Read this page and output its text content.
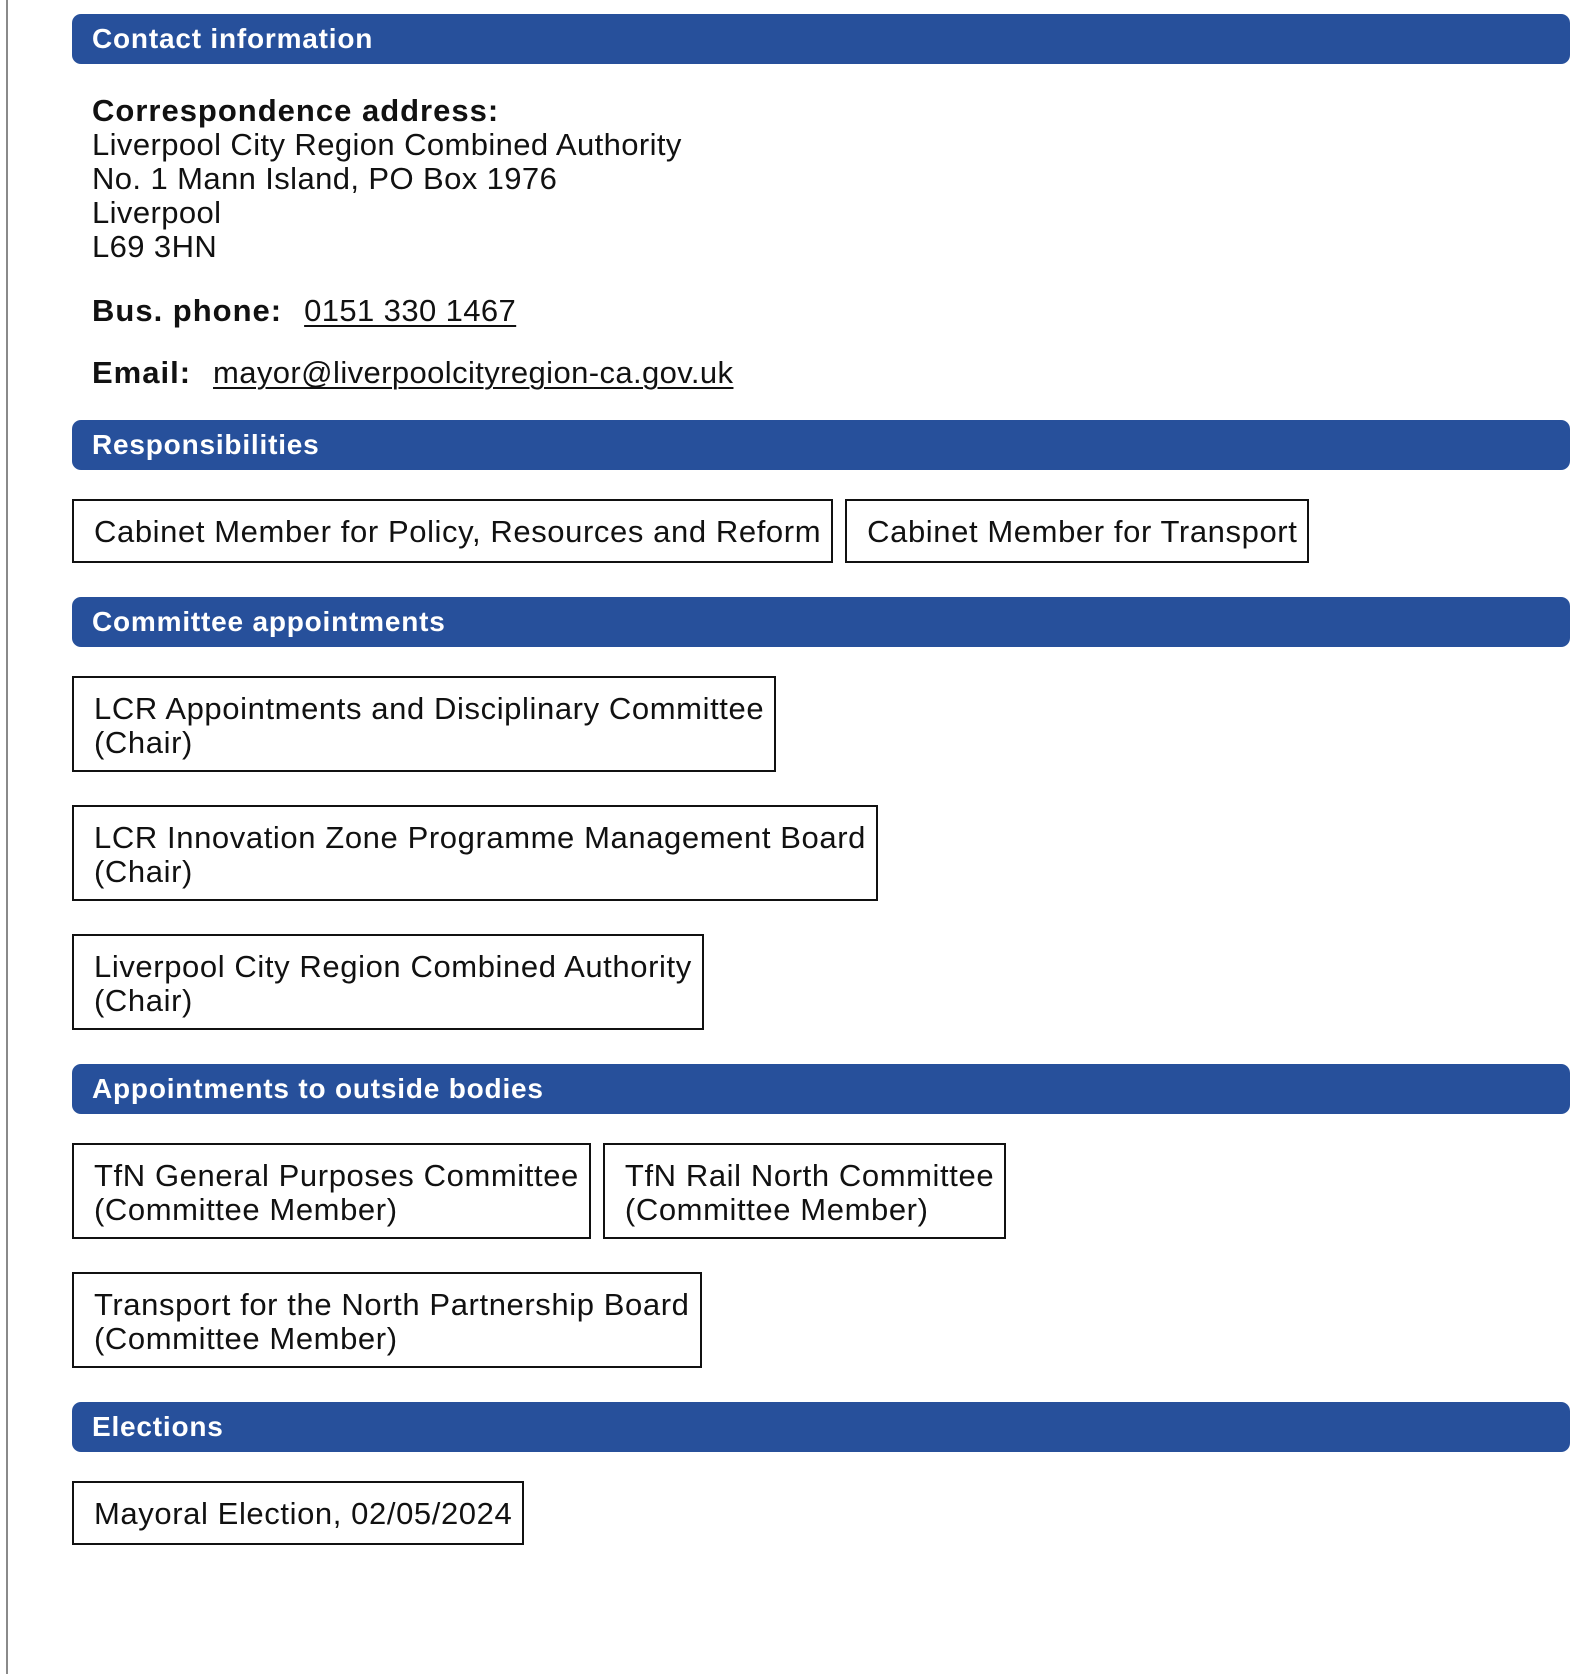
Contact information
Correspondence address:
Liverpool City Region Combined Authority
No. 1 Mann Island, PO Box 1976
Liverpool
L69 3HN
Bus. phone: 0151 330 1467
Email: mayor@liverpoolcityregion-ca.gov.uk
Responsibilities
Cabinet Member for Policy, Resources and Reform Cabinet Member for Transport
Committee appointments
LCR Appointments and Disciplinary Committee
(Chair)
LCR Innovation Zone Programme Management Board
(Chair)
Liverpool City Region Combined Authority
(Chair)
Appointments to outside bodies
TfN General Purposes Committee
(Committee Member)
TfN Rail North Committee
(Committee Member)
Transport for the North Partnership Board
(Committee Member)
Elections
Mayoral Election, 02/05/2024
